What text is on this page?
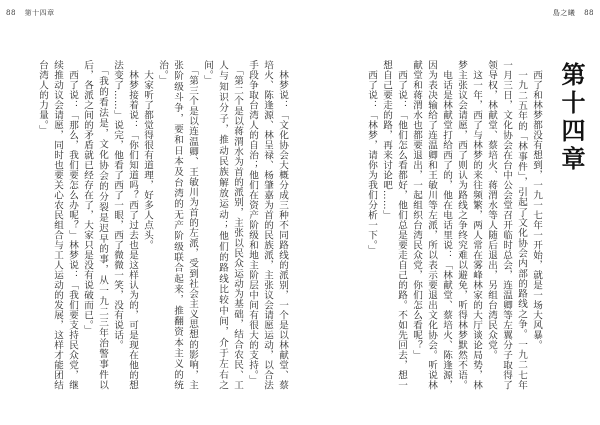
88 第十四章

　林梦说：「文化协会大概分成三种不同路线的派别，一个是以林献堂、蔡培火、陈逢源、林呈禄、杨肇嘉为首的民族派，主张议会请愿运动，以合法手段争取台湾人的自治；他们在资产阶级和地主阶层中间有很大的支持。」

　「第二个是以蒋渭水为首的派别，主张以民众运动为基础，结合农民、工人与知识分子，推动民族解放运动；他们的路线比较中间，介于左右之间。」

　「第三个是以连温卿、王敏川为首的左派，受到社会主义思想的影响，主张阶级斗争，要和日本及台湾的无产阶级联合起来，推翻资本主义的统治。」

　大家听了都觉得很有道理，好多人点头。

　林梦接着说：「你们知道吗？西了过去也是这样认为的，可是现在他的想法变了……」说完，他看了西了一眼，西了微微一笑，没有说话。

　「我的看法是，文化协会的分裂是迟早的事，从一九二三年治警事件以后，各派之间的矛盾就已经存在了，大家只是没有说破而已。」

　西了说：「那么，我们要怎么办呢？」林梦说：「我们要支持民众党，继续推动议会请愿，同时也要关心农民组合与工人运动的发展，这样才能团结台湾人的力量。」

島之曦 88
第十四章

　西了和林梦都没有想到，一九一七年一开始，就是一场大风暴。

　一九二五年的「林事件」，引起了文化协会内部的路线之争。一九二七年一月三日，文化协会在台中公会堂召开临时总会，连温卿等左翼分子取得了领导权，林献堂、蔡培火、蒋渭水等人随后退出，另组台湾民众党。

　这一年，西了与林梦的来往频繁，两人常在雾峰林家的大厅谈论局势，林梦主张议会请愿，西了则认为路线之争终究难以避免，听得林梦默然不语。

　电话是林献堂打给西了的，他在电话里说：「林献堂、蔡培火、陈逢源，因为表决输给了连温卿和王敏川等左派，所以表示要退出文化协会。听说林献堂和蒋渭水也都要退出，一起组织台湾民众党，你们怎么看呢？」

　西了说：「他们怎么看都好，他们总是要走自己的路。不如先回去，想一想自己要走的路，再来讨论吧……」

　西了说：「林梦，请你为我们分析一下。」
